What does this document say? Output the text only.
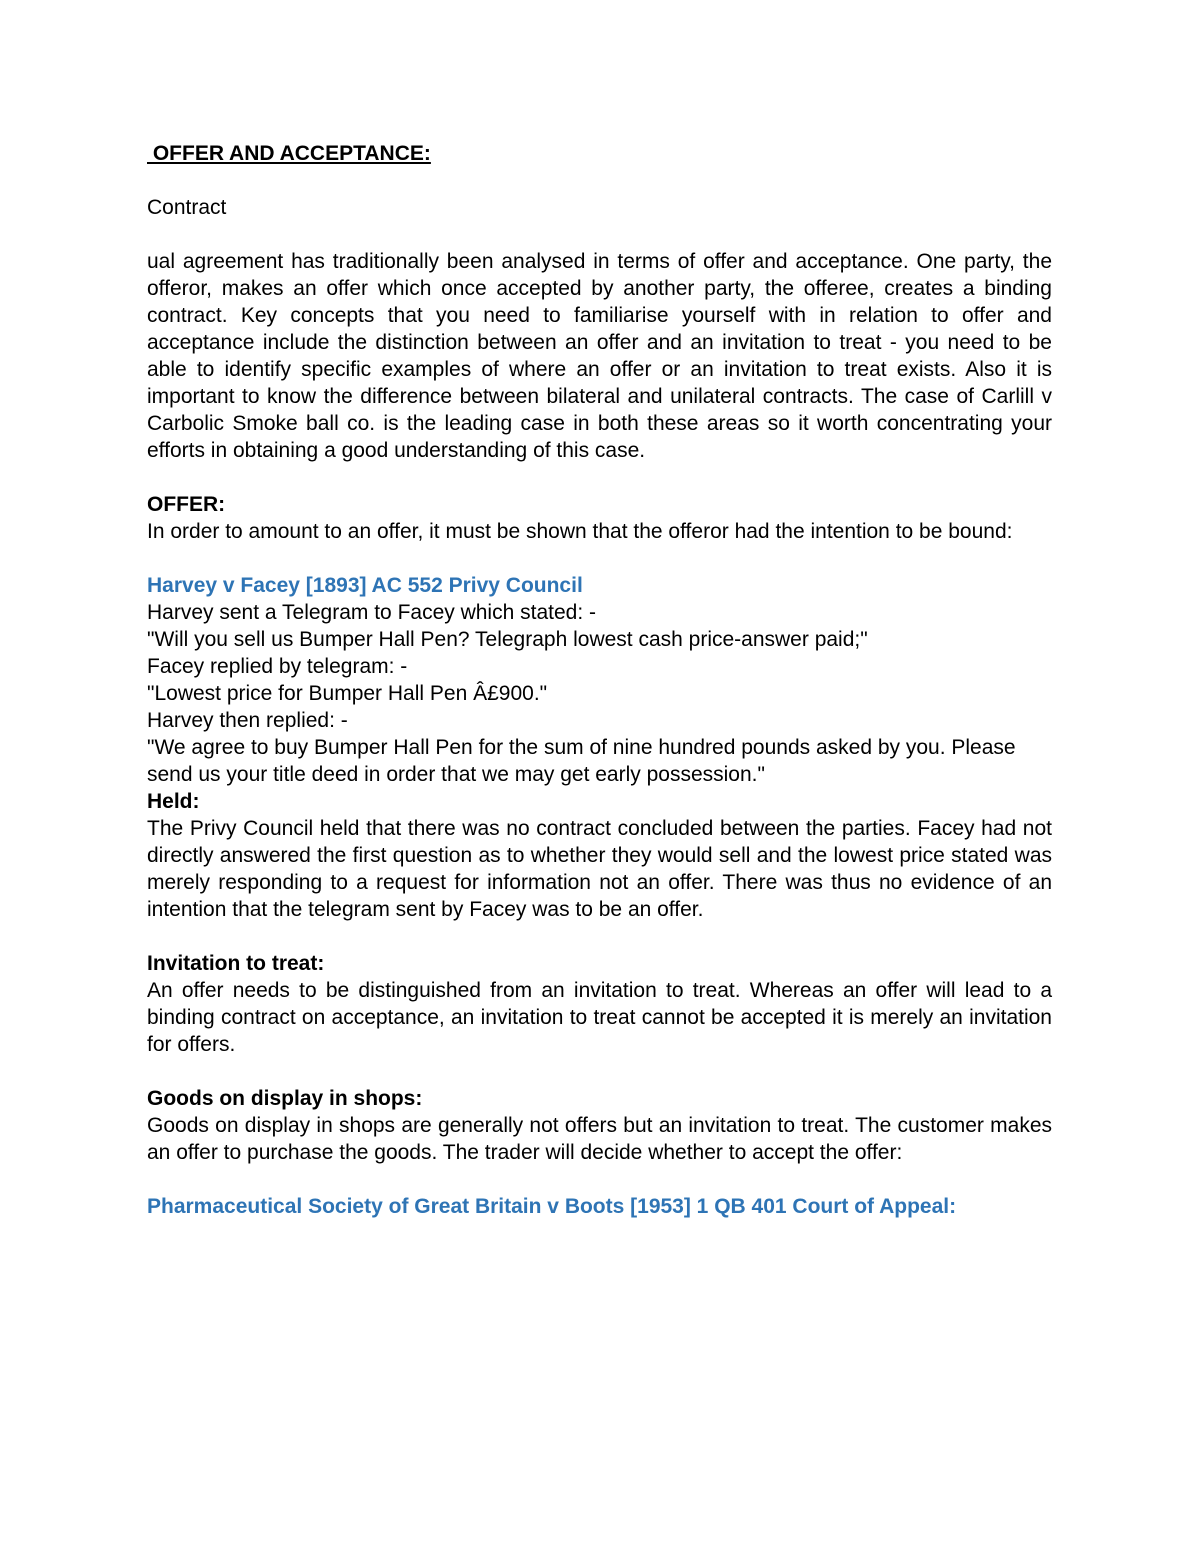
OFFER AND ACCEPTANCE:

Contract

ual agreement has traditionally been analysed in terms of offer and acceptance. One party, the offeror, makes an offer which once accepted by another party, the offeree, creates a binding contract. Key concepts that you need to familiarise yourself with in relation to offer and acceptance include the distinction between an offer and an invitation to treat - you need to be able to identify specific examples of where an offer or an invitation to treat exists. Also it is important to know the difference between bilateral and unilateral contracts. The case of Carlill v Carbolic Smoke ball co. is the leading case in both these areas so it worth concentrating your efforts in obtaining a good understanding of this case.

OFFER:

In order to amount to an offer, it must be shown that the offeror had the intention to be bound:

Harvey v Facey [1893] AC 552 Privy Council

Harvey sent a Telegram to Facey which stated: -

"Will you sell us Bumper Hall Pen? Telegraph lowest cash price-answer paid;"

Facey replied by telegram: -

"Lowest price for Bumper Hall Pen Â£900."

Harvey then replied: -

"We agree to buy Bumper Hall Pen for the sum of nine hundred pounds asked by you. Please

send us your title deed in order that we may get early possession."

Held:

The Privy Council held that there was no contract concluded between the parties. Facey had not directly answered the first question as to whether they would sell and the lowest price stated was merely responding to a request for information not an offer. There was thus no evidence of an intention that the telegram sent by Facey was to be an offer.

Invitation to treat:

An offer needs to be distinguished from an invitation to treat. Whereas an offer will lead to a binding contract on acceptance, an invitation to treat cannot be accepted it is merely an invitation for offers.

Goods on display in shops:

Goods on display in shops are generally not offers but an invitation to treat. The customer makes an offer to purchase the goods. The trader will decide whether to accept the offer:

Pharmaceutical Society of Great Britain v Boots [1953] 1 QB 401 Court of Appeal:
